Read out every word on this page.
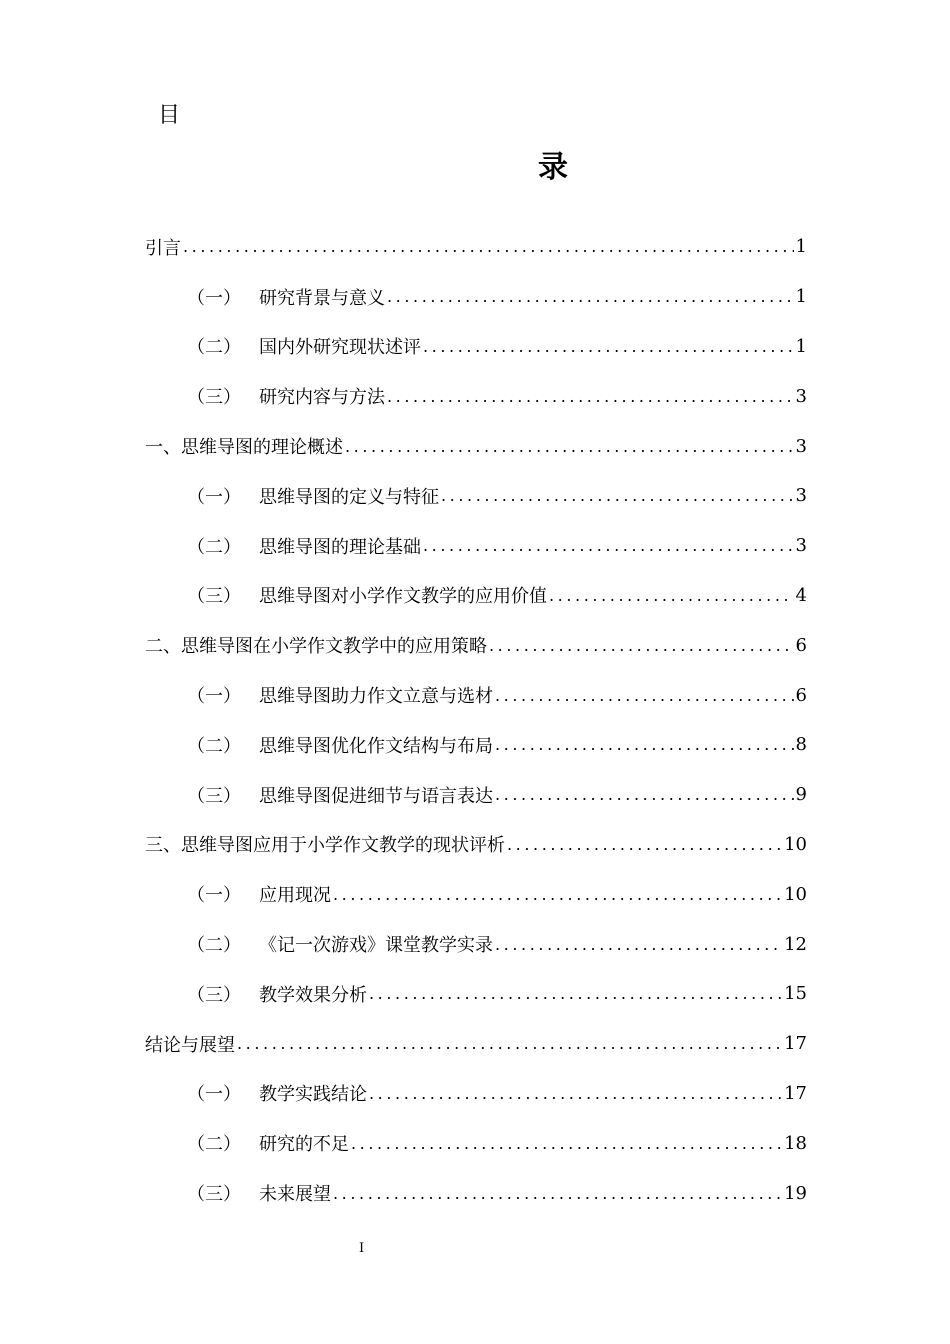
目
录
引言 .....	1
（一）	研究背景与意义 .....	1
（二）	国内外研究现状述评 .....	1
（三）	研究内容与方法 .....	3
一、思维导图的理论概述 .....	3
（一）	思维导图的定义与特征 .....	3
（二）	思维导图的理论基础 .....	3
（三）	思维导图对小学作文教学的应用价值 .....	4
二、思维导图在小学作文教学中的应用策略 .....	6
（一）	思维导图助力作文立意与选材 .....	6
（二）	思维导图优化作文结构与布局 .....	8
（三）	思维导图促进细节与语言表达 .....	9
三、思维导图应用于小学作文教学的现状评析 .....	10
（一）	应用现况 .....	10
（二）	《记一次游戏》课堂教学实录 .....	12
（三）	教学效果分析 .....	15
结论与展望 .....	17
（一）	教学实践结论 .....	17
（二）	研究的不足 .....	18
（三）	未来展望 .....	19
I
